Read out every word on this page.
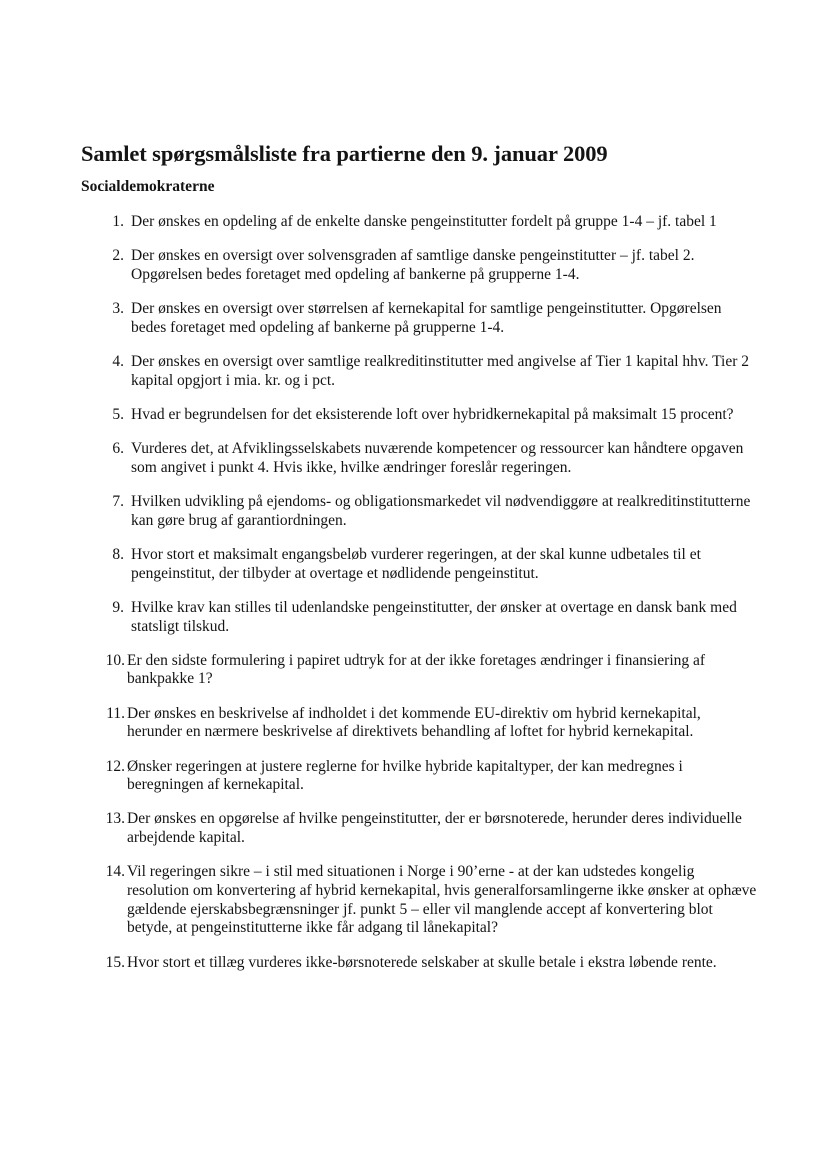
Samlet spørgsmålsliste fra partierne den 9. januar 2009
Socialdemokraterne
1. Der ønskes en opdeling af de enkelte danske pengeinstitutter fordelt på gruppe 1-4 – jf. tabel 1
2. Der ønskes en oversigt over solvensgraden af samtlige danske pengeinstitutter – jf. tabel 2. Opgørelsen bedes foretaget med opdeling af bankerne på grupperne 1-4.
3. Der ønskes en oversigt over størrelsen af kernekapital for samtlige pengeinstitutter. Opgørelsen bedes foretaget med opdeling af bankerne på grupperne 1-4.
4. Der ønskes en oversigt over samtlige realkreditinstitutter med angivelse af Tier 1 kapital hhv. Tier 2 kapital opgjort i mia. kr. og i pct.
5. Hvad er begrundelsen for det eksisterende loft over hybridkernekapital på maksimalt 15 procent?
6. Vurderes det, at Afviklingsselskabets nuværende kompetencer og ressourcer kan håndtere opgaven som angivet i punkt 4. Hvis ikke, hvilke ændringer foreslår regeringen.
7. Hvilken udvikling på ejendoms- og obligationsmarkedet vil nødvendiggøre at realkreditinstitutterne kan gøre brug af garantiordningen.
8. Hvor stort et maksimalt engangsbeløb vurderer regeringen, at der skal kunne udbetales til et pengeinstitut, der tilbyder at overtage et nødlidende pengeinstitut.
9. Hvilke krav kan stilles til udenlandske pengeinstitutter, der ønsker at overtage en dansk bank med statsligt tilskud.
10. Er den sidste formulering i papiret udtryk for at der ikke foretages ændringer i finansiering af bankpakke 1?
11. Der ønskes en beskrivelse af indholdet i det kommende EU-direktiv om hybrid kernekapital, herunder en nærmere beskrivelse af direktivets behandling af loftet for hybrid kernekapital.
12. Ønsker regeringen at justere reglerne for hvilke hybride kapitaltyper, der kan medregnes i beregningen af kernekapital.
13. Der ønskes en opgørelse af hvilke pengeinstitutter, der er børsnoterede, herunder deres individuelle arbejdende kapital.
14. Vil regeringen sikre – i stil med situationen i Norge i 90’erne - at der kan udstedes kongelig resolution om konvertering af hybrid kernekapital, hvis generalforsamlingerne ikke ønsker at ophæve gældende ejerskabsbegrænsninger jf. punkt 5 – eller vil manglende accept af konvertering blot betyde, at pengeinstitutterne ikke får adgang til lånekapital?
15. Hvor stort et tillæg vurderes ikke-børsnoterede selskaber at skulle betale i ekstra løbende rente.
